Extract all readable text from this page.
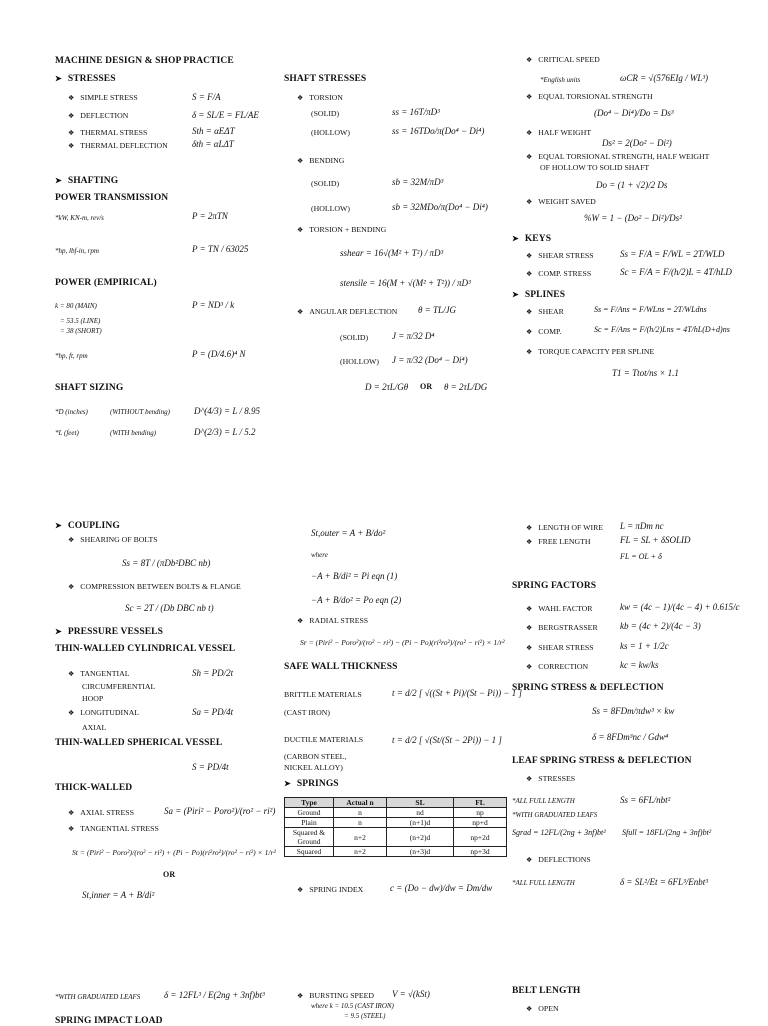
MACHINE DESIGN & SHOP PRACTICE
➤ STRESSES
❖ SIMPLE STRESS	S = F/A
❖ DEFLECTION	δ = SL/E = FL/AE
❖ THERMAL STRESS	Sth = αEΔT
❖ THERMAL DEFLECTION	δth = αLΔT
➤ SHAFTING
POWER TRANSMISSION
*kW, KN-m, rev/s	P = 2πTN
*hp, lbf-in, rpm	P = TN / 63025
POWER (EMPIRICAL)
k = 80 (MAIN)
= 53.5 (LINE)
= 38 (SHORT)
P = ND³ / k
*hp, ft, rpm	P = (D/4.6)⁴ N
SHAFT SIZING
*D (inches)	(WITHOUT bending)	D^(4/3) = L / 8.95
*L (feet)	(WITH bending)	D^(2/3) = L / 5.2
➤ COUPLING
❖ SHEARING OF BOLTS
Ss = 8T / (πDb²DBC nb)
❖ COMPRESSION BETWEEN BOLTS & FLANGE
Sc = 2T / (Db DBC nb t)
➤ PRESSURE VESSELS
THIN-WALLED CYLINDRICAL VESSEL
❖ TANGENTIAL
CIRCUMFERENTIAL
HOOP
Sh = PD/2t
❖ LONGITUDINAL
AXIAL
Sa = PD/4t
THIN-WALLED SPHERICAL VESSEL
S = PD/4t
THICK-WALLED
❖ AXIAL STRESS	Sa = (Piri² − Poro²)/(ro² − ri²)
❖ TANGENTIAL STRESS
St = (Piri² − Poro²)/(ro² − ri²) + (Pi − Po)(ri²ro²)/(ro² − ri²) × 1/r²
OR
St,inner = A + B/di²
*WITH GRADUATED LEAFS	δ = 12FL³ / E(2ng + 3nf)bt³
SPRING IMPACT LOAD
SHAFT STRESSES
❖ TORSION
(SOLID)	ss = 16T/πD³
(HOLLOW)	ss = 16TDo/π(Do⁴ − Di⁴)
❖ BENDING
(SOLID)	sb = 32M/πD³
(HOLLOW)	sb = 32MDo/π(Do⁴ − Di⁴)
❖ TORSION + BENDING
sshear = 16√(M² + T²) / πD³
stensile = 16(M + √(M² + T²)) / πD³
❖ ANGULAR DEFLECTION θ = TL/JG
(SOLID)	J = π/32 D⁴
(HOLLOW) J = π/32 (Do⁴ − Di⁴)
D = 2τL/Gθ OR θ = 2τL/DG
St,outer = A + B/do²
where
−A + B/di² = Pi eqn (1)
−A + B/do² = Po eqn (2)
❖ RADIAL STRESS
Sr = (Piri² − Poro²)/(ro² − ri²) − (Pi − Po)(ri²ro²)/(ro² − ri²) × 1/r²
SAFE WALL THICKNESS
BRITTLE MATERIALS
(CAST IRON)
t = d/2 [ √((St + Pi)/(St − Pi)) − 1 ]
DUCTILE MATERIALS
(CARBON STEEL,
NICKEL ALLOY)
t = d/2 [ √(St/(St − 2Pi)) − 1 ]
➤ SPRINGS
Type	Actual n	SL	FL
Ground	n	nd	np
Plain	n	(n+1)d	np+d
Squared & Ground	n+2	(n+2)d	np+2d
Squared	n+2	(n+3)d	np+3d
❖ SPRING INDEX	c = (Do − dw)/dw = Dm/dw
❖ BURSTING SPEED V = √(kSt)
where k = 10.5 (CAST IRON)
= 9.5 (STEEL)
❖ CRITICAL SPEED
*English units	ωCR = √(576EIg / WL³)
❖ EQUAL TORSIONAL STRENGTH
(Do⁴ − Di⁴)/Do = Ds³
❖ HALF WEIGHT
Ds² = 2(Do² − Di²)
❖ EQUAL TORSIONAL STRENGTH, HALF WEIGHT
OF HOLLOW TO SOLID SHAFT
Do = (1 + √2)/2 Ds
❖ WEIGHT SAVED
%W = 1 − (Do² − Di²)/Ds²
➤ KEYS
❖ SHEAR STRESS	Ss = F/A = F/WL = 2T/WLD
❖ COMP. STRESS	Sc = F/A = F/(h/2)L = 4T/hLD
➤ SPLINES
❖ SHEAR	Ss = F/Ans = F/WLns = 2T/WLdns
❖ COMP.	Sc = F/Ans = F/(h/2)Lns = 4T/hL(D+d)ns
❖ TORQUE CAPACITY PER SPLINE
T1 = Ttot/ns × 1.1
❖ LENGTH OF WIRE L = πDm nc
❖ FREE LENGTH	FL = SL + δSOLID
FL = OL + δ
SPRING FACTORS
❖ WAHL FACTOR	kw = (4c − 1)/(4c − 4) + 0.615/c
❖ BERGSTRASSER kb = (4c + 2)/(4c − 3)
❖ SHEAR STRESS	ks = 1 + 1/2c
❖ CORRECTION	kc = kw/ks
SPRING STRESS & DEFLECTION
Ss = 8FDm/πdw³ × kw
δ = 8FDm³nc / Gdw⁴
LEAF SPRING STRESS & DEFLECTION
❖ STRESSES
*ALL FULL LENGTH	Ss = 6FL/nbt²
*WITH GRADUATED LEAFS
Sgrad = 12FL/(2ng + 3nf)bt² Sfull = 18FL/(2ng + 3nf)bt²
❖ DEFLECTIONS
*ALL FULL LENGTH	δ = SL²/Et = 6FL³/Enbt³
BELT LENGTH
❖ OPEN
